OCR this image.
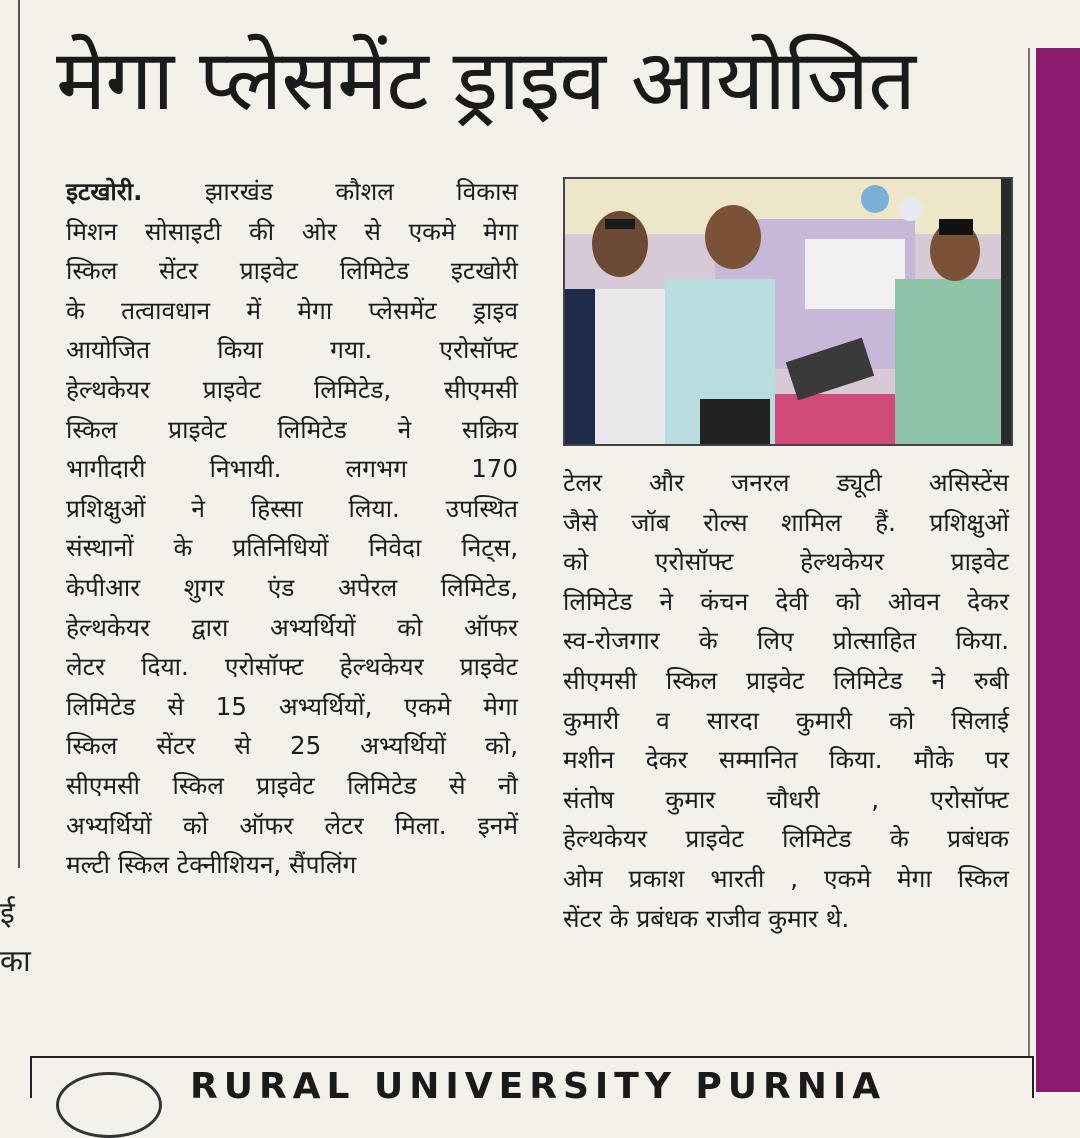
ई
का
मेगा प्लेसमेंट ड्राइव आयोजित
इटखोरी. झारखंड कौशल विकास
मिशन सोसाइटी की ओर से एकमे मेगा
स्किल सेंटर प्राइवेट लिमिटेड इटखोरी
के तत्वावधान में मेगा प्लेसमेंट ड्राइव
आयोजित किया गया. एरोसॉफ्ट
हेल्थकेयर प्राइवेट लिमिटेड, सीएमसी
स्किल प्राइवेट लिमिटेड ने सक्रिय
भागीदारी निभायी. लगभग 170
प्रशिक्षुओं ने हिस्सा लिया. उपस्थित
संस्थानों के प्रतिनिधियों निवेदा निट्स,
केपीआर शुगर एंड अपेरल लिमिटेड,
हेल्थकेयर द्वारा अभ्यर्थियों को ऑफर
लेटर दिया. एरोसॉफ्ट हेल्थकेयर प्राइवेट
लिमिटेड से 15 अभ्यर्थियों, एकमे मेगा
स्किल सेंटर से 25 अभ्यर्थियों को,
सीएमसी स्किल प्राइवेट लिमिटेड से नौ
अभ्यर्थियों को ऑफर लेटर मिला. इनमें
मल्टी स्किल टेक्नीशियन, सैंपलिंग
टेलर और जनरल ड्यूटी असिस्टेंस
जैसे जॉब रोल्स शामिल हैं. प्रशिक्षुओं
को एरोसॉफ्ट हेल्थकेयर प्राइवेट
लिमिटेड ने कंचन देवी को ओवन देकर
स्व-रोजगार के लिए प्रोत्साहित किया.
सीएमसी स्किल प्राइवेट लिमिटेड ने रुबी
कुमारी व सारदा कुमारी को सिलाई
मशीन देकर सम्मानित किया. मौके पर
संतोष कुमार चौधरी , एरोसॉफ्ट
हेल्थकेयर प्राइवेट लिमिटेड के प्रबंधक
ओम प्रकाश भारती , एकमे मेगा स्किल
सेंटर के प्रबंधक राजीव कुमार थे.
RURAL UNIVERSITY PURNIA
